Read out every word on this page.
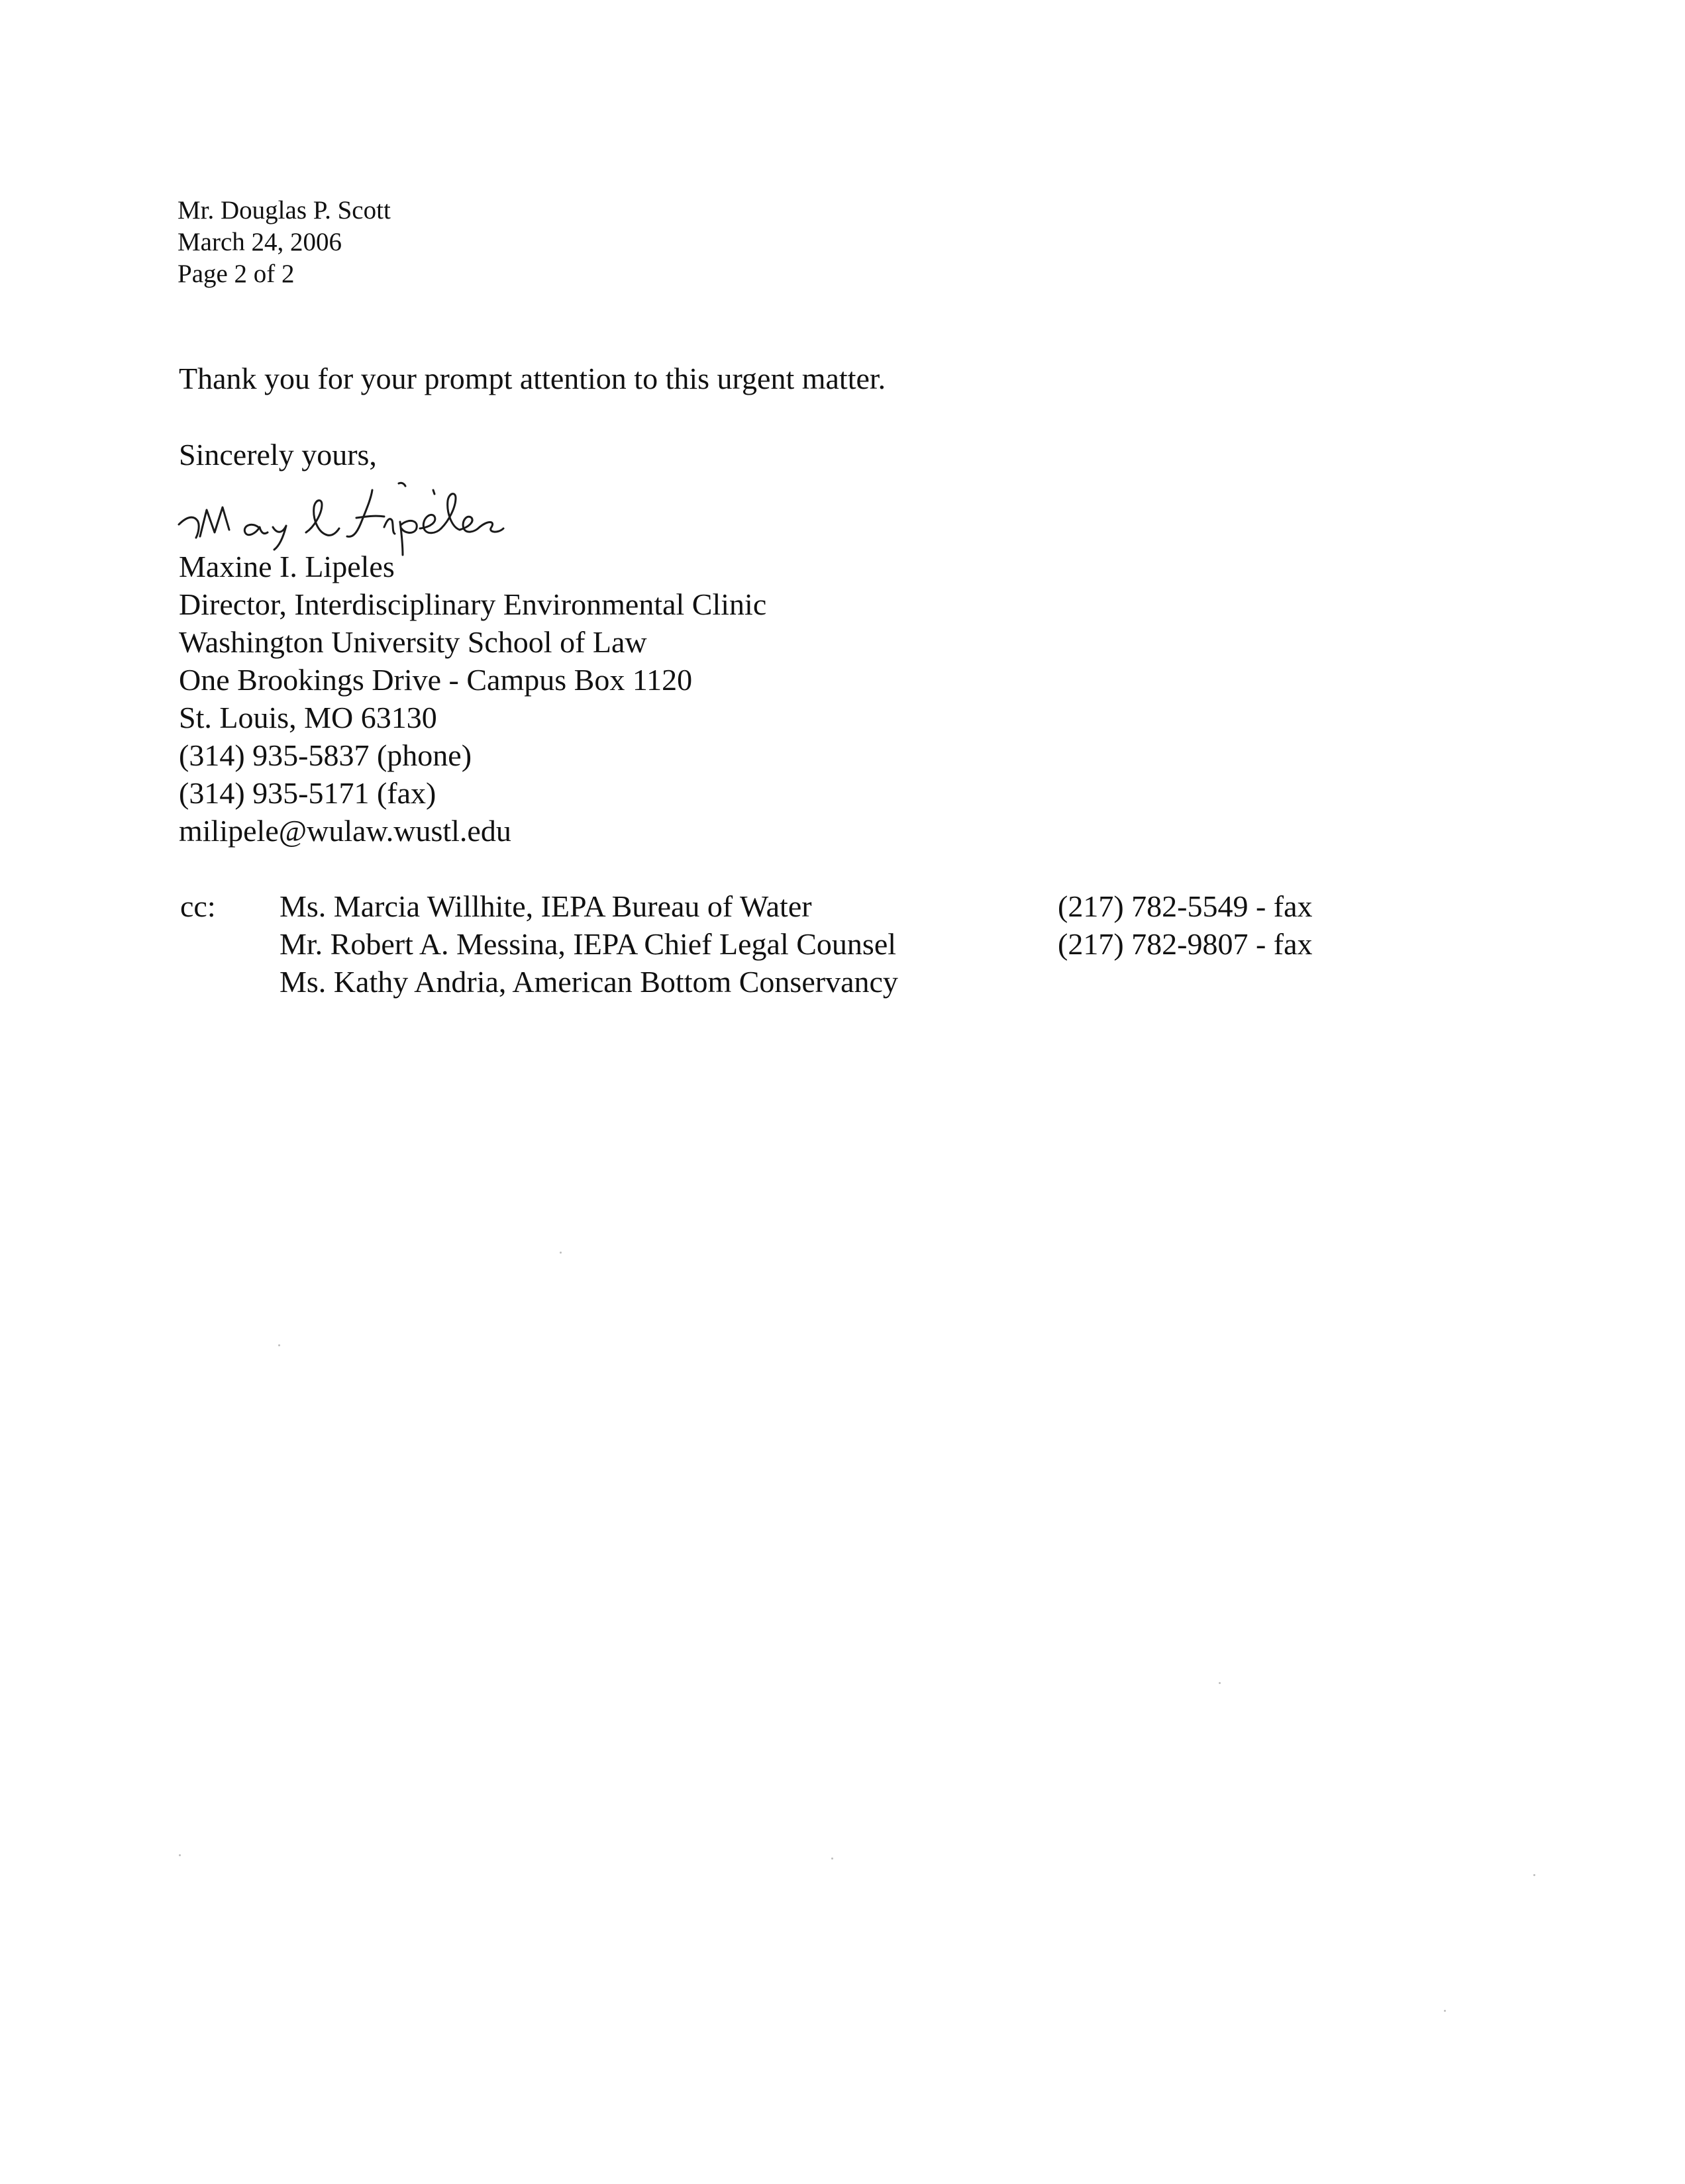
Mr. Douglas P. Scott
March 24, 2006
Page 2 of 2
Thank you for your prompt attention to this urgent matter.
Sincerely yours,
Maxine I. Lipeles
Director, Interdisciplinary Environmental Clinic
Washington University School of Law
One Brookings Drive - Campus Box 1120
St. Louis, MO 63130
(314) 935-5837 (phone)
(314) 935-5171 (fax)
milipele@wulaw.wustl.edu
cc: Ms. Marcia Willhite, IEPA Bureau of Water
Mr. Robert A. Messina, IEPA Chief Legal Counsel
Ms. Kathy Andria, American Bottom Conservancy
(217) 782-5549 - fax
(217) 782-9807 - fax
